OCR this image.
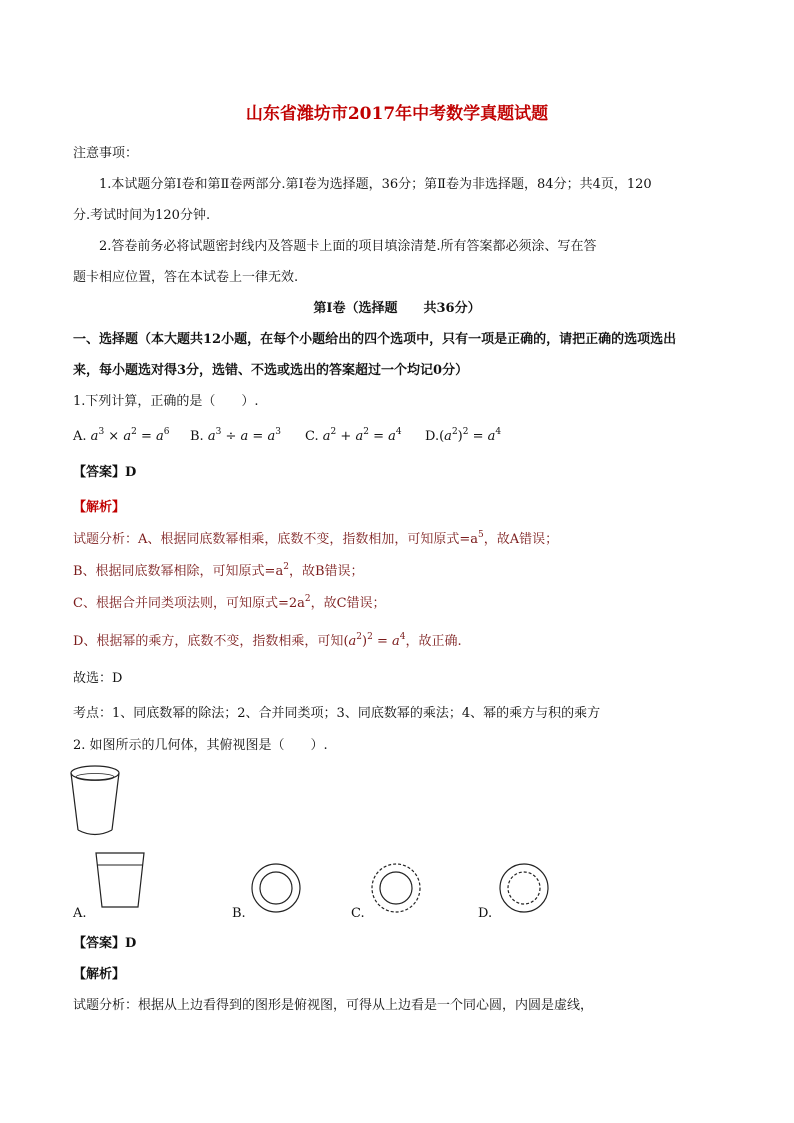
山东省潍坊市2017年中考数学真题试题
注意事项：
1.本试题分第Ⅰ卷和第Ⅱ卷两部分.第Ⅰ卷为选择题，36分；第Ⅱ卷为非选择题，84分；共4页，120
分.考试时间为120分钟.
2.答卷前务必将试题密封线内及答题卡上面的项目填涂清楚.所有答案都必须涂、写在答
题卡相应位置，答在本试卷上一律无效.
第Ⅰ卷（选择题　　共36分）
一、选择题（本大题共12小题，在每个小题给出的四个选项中，只有一项是正确的，请把正确的选项选出
来，每小题选对得3分，选错、不选或选出的答案超过一个均记0分）
1.下列计算，正确的是（　　）.
A. $a^3 \times a^2 = a^6$ B. $a^3 \div a = a^3$ C. $a^2 + a^2 = a^4$ $D.(a^2)^2 = a^4$
【答案】D
【解析】
试题分析：A、根据同底数幂相乘，底数不变，指数相加，可知原式$=a^5$，故A错误；
B、根据同底数幂相除，可知原式$=a^2$，故B错误；
C、根据合并同类项法则，可知原式$=2a^2$，故C错误；
D、根据幂的乘方，底数不变，指数相乘，可知$(a^2)^2 = a^4$，故正确.
故选：D
考点：1、同底数幂的除法；2、合并同类项；3、同底数幂的乘法；4、幂的乘方与积的乘方
2. 如图所示的几何体，其俯视图是（　　）.
A.	B.	C.	D.
【答案】D
【解析】
试题分析：根据从上边看得到的图形是俯视图，可得从上边看是一个同心圆，内圆是虚线，
